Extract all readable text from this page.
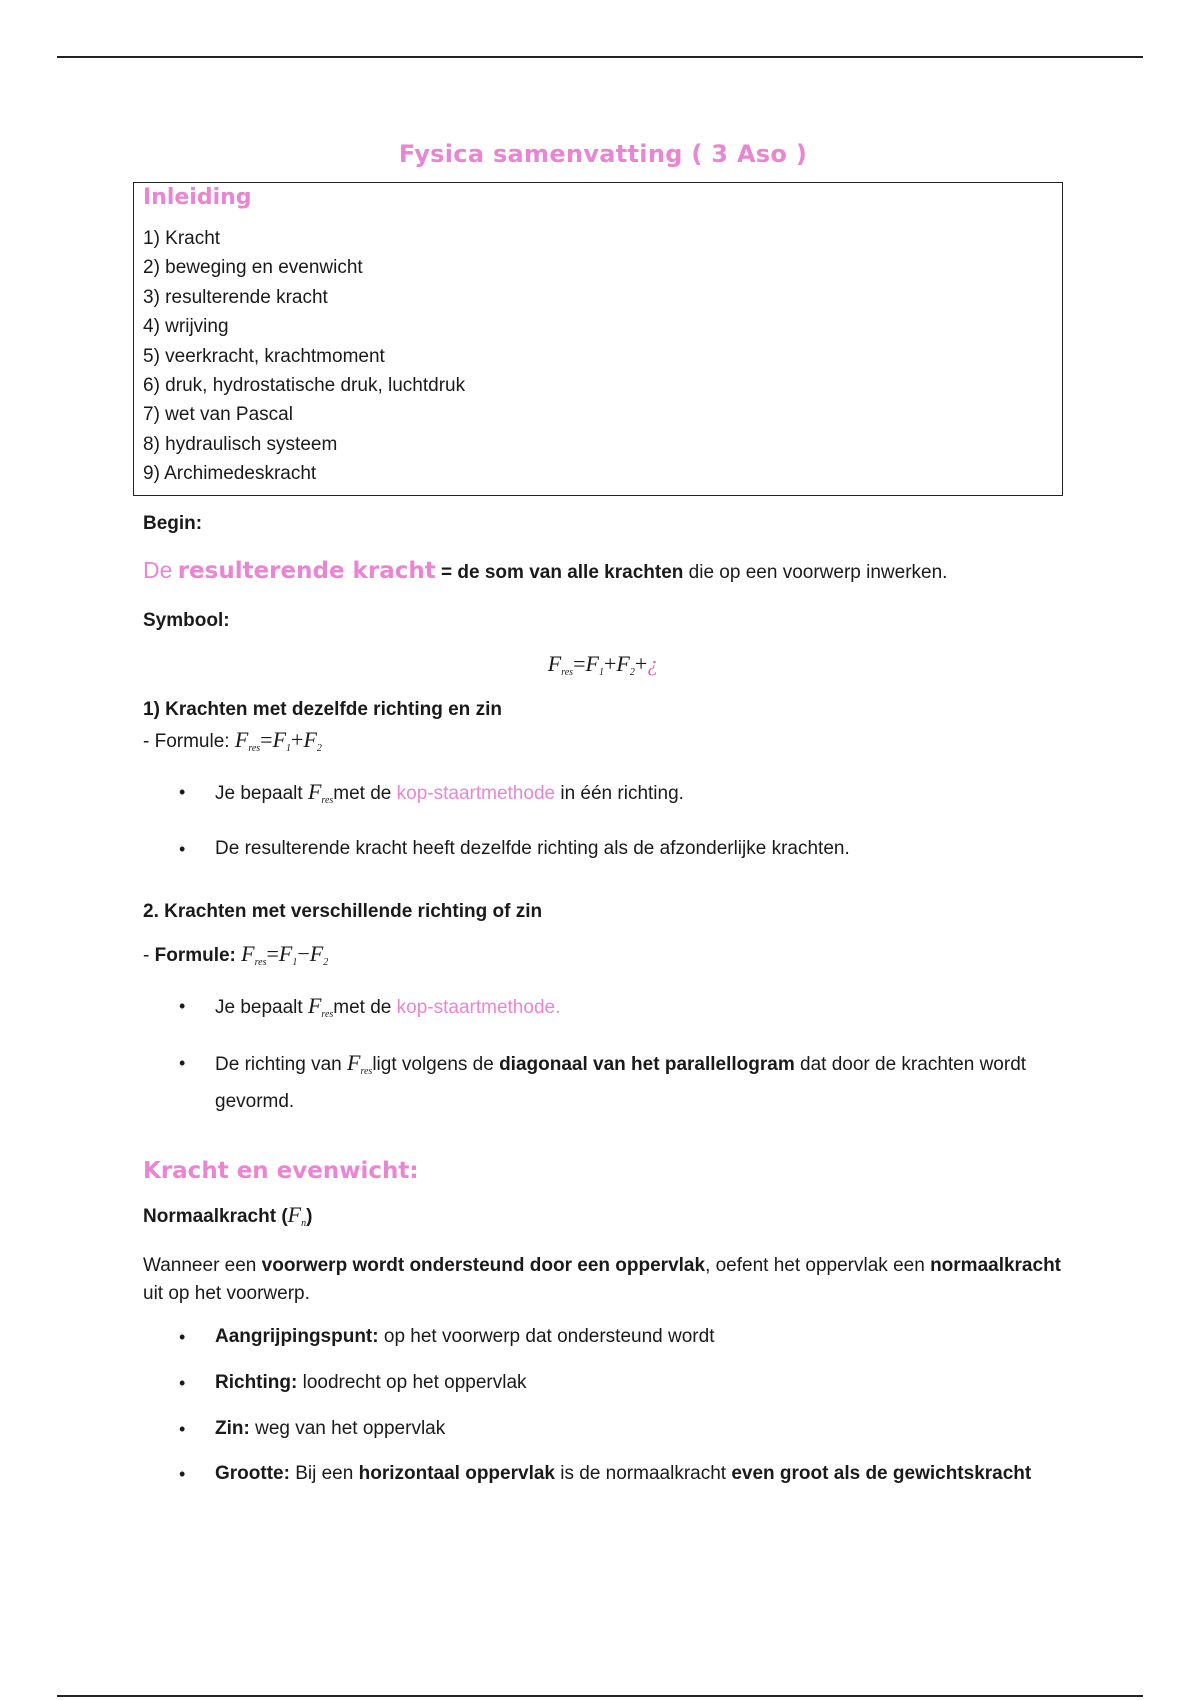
Fysica samenvatting ( 3 Aso )
Inleiding
1) Kracht
2) beweging en evenwicht
3) resulterende kracht
4) wrijving
5) veerkracht, krachtmoment
6) druk, hydrostatische druk, luchtdruk
7) wet van Pascal
8) hydraulisch systeem
9) Archimedeskracht

Begin:

De resulterende kracht = de som van alle krachten die op een voorwerp inwerken.

Symbool:

$F_{res}=F_1+F_2+¿$

1) Krachten met dezelfde richting en zin

- Formule: $F_{res}=F_1+F_2$

• Je bepaalt $F_{res}met$ de kop-staartmethode in één richting.
• De resulterende kracht heeft dezelfde richting als de afzonderlijke krachten.

2. Krachten met verschillende richting of zin

- Formule: $F_{res}=F_1-F_2$

• Je bepaalt $F_{res}met$ de kop-staartmethode.
• De richting van $F_{res}ligt$ volgens de diagonaal van het parallellogram dat door de krachten wordt gevormd.

Kracht en evenwicht:

Normaalkracht $(F_n)$

Wanneer een voorwerp wordt ondersteund door een oppervlak, oefent het oppervlak een normaalkracht uit op het voorwerp.

• Aangrijpingspunt: op het voorwerp dat ondersteund wordt
• Richting: loodrecht op het oppervlak
• Zin: weg van het oppervlak
• Grootte: Bij een horizontaal oppervlak is de normaalkracht even groot als de gewichtskracht
